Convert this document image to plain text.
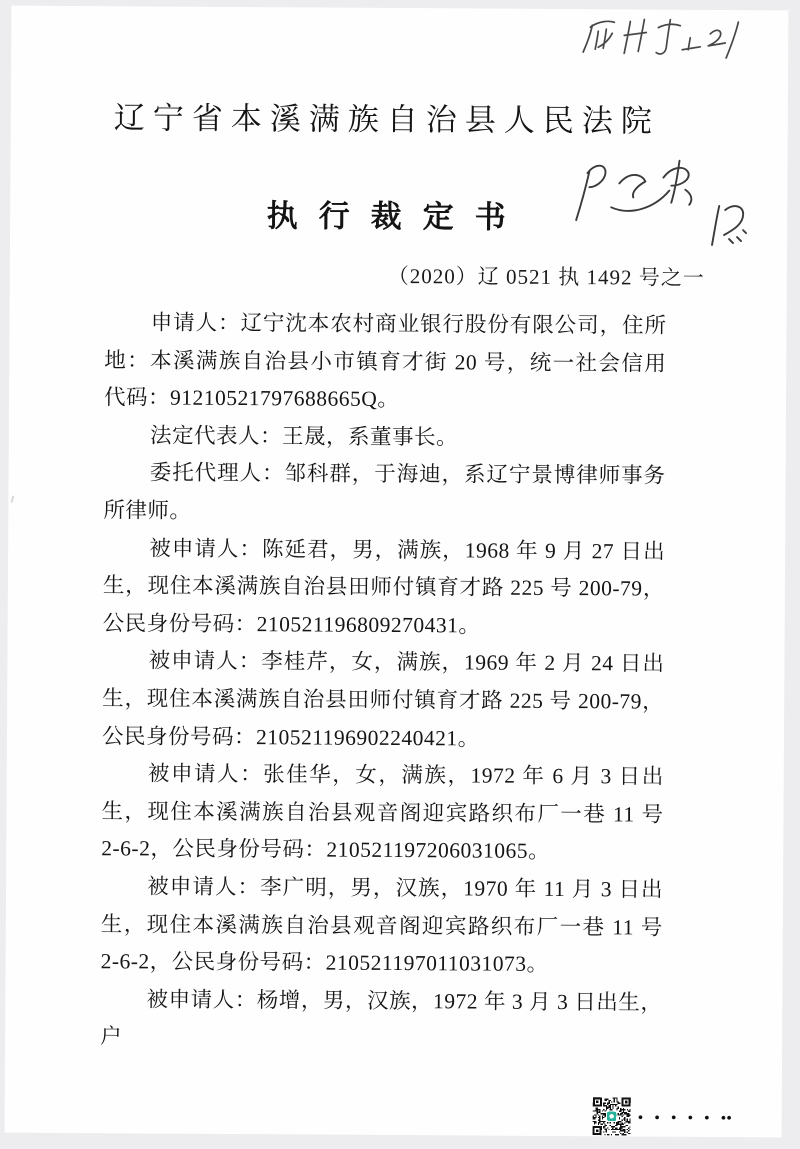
辽宁省本溪满族自治县人民法院
执行裁定书
（2020）辽 0521 执 1492 号之一

申请人：辽宁沈本农村商业银行股份有限公司，住所地：本溪满族自治县小市镇育才街 20 号，统一社会信用代码：91210521797688665Q。

法定代表人：王晟，系董事长。

委托代理人：邹科群，于海迪，系辽宁景博律师事务所律师。

被申请人：陈延君，男，满族，1968 年 9 月 27 日出生，现住本溪满族自治县田师付镇育才路 225 号 200-79，公民身份号码：210521196809270431。

被申请人：李桂芹，女，满族，1969 年 2 月 24 日出生，现住本溪满族自治县田师付镇育才路 225 号 200-79，公民身份号码：210521196902240421。

被申请人：张佳华，女，满族，1972 年 6 月 3 日出生，现住本溪满族自治县观音阁迎宾路织布厂一巷 11 号 2-6-2，公民身份号码：210521197206031065。

被申请人：李广明，男，汉族，1970 年 11 月 3 日出生，现住本溪满族自治县观音阁迎宾路织布厂一巷 11 号 2-6-2，公民身份号码：210521197011031073。

被申请人：杨增，男，汉族，1972 年 3 月 3 日出生，户

• • • • • ••
